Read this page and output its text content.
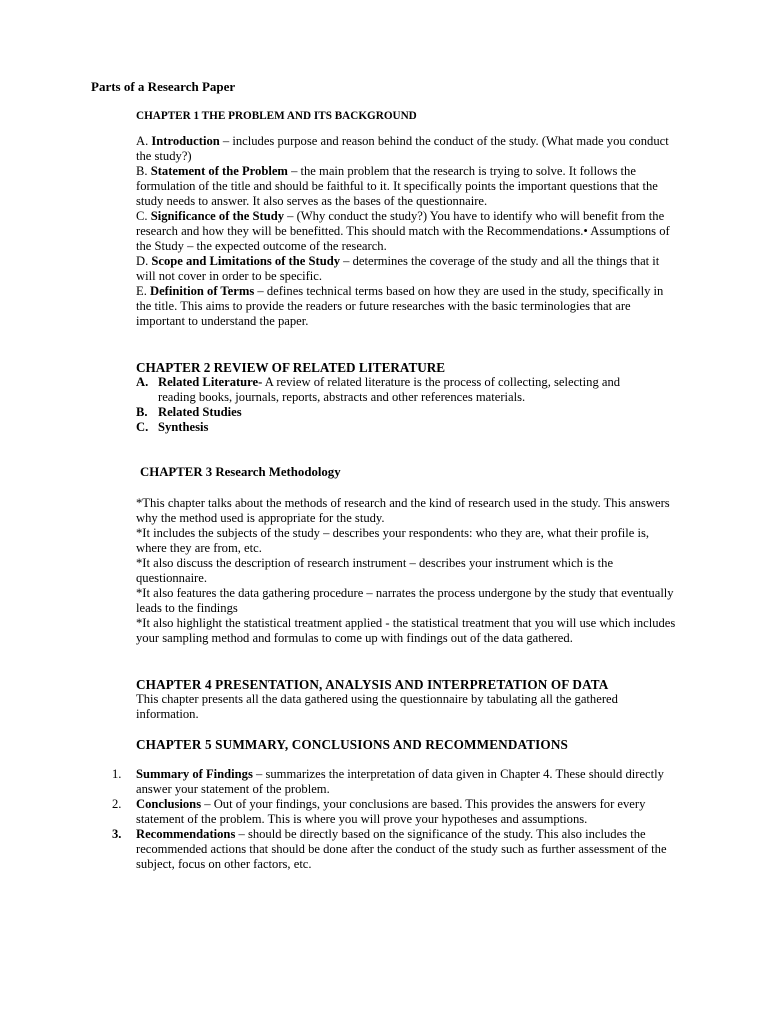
Parts of a Research Paper
CHAPTER 1 THE PROBLEM AND ITS BACKGROUND

A. Introduction – includes purpose and reason behind the conduct of the study. (What made you conduct the study?)

B. Statement of the Problem – the main problem that the research is trying to solve. It follows the formulation of the title and should be faithful to it. It specifically points the important questions that the study needs to answer. It also serves as the bases of the questionnaire.

C. Significance of the Study – (Why conduct the study?) You have to identify who will benefit from the research and how they will be benefitted. This should match with the Recommendations.• Assumptions of the Study – the expected outcome of the research.

D. Scope and Limitations of the Study – determines the coverage of the study and all the things that it will not cover in order to be specific.

E. Definition of Terms – defines technical terms based on how they are used in the study, specifically in the title. This aims to provide the readers or future researches with the basic terminologies that are important to understand the paper.

CHAPTER 2 REVIEW OF RELATED LITERATURE
A. Related Literature- A review of related literature is the process of collecting, selecting and reading books, journals, reports, abstracts and other references materials.
B. Related Studies
C. Synthesis
CHAPTER 3 Research Methodology

*This chapter talks about the methods of research and the kind of research used in the study. This answers why the method used is appropriate for the study.

*It includes the subjects of the study – describes your respondents: who they are, what their profile is, where they are from, etc.

*It also discuss the description of research instrument – describes your instrument which is the questionnaire.

*It also features the data gathering procedure – narrates the process undergone by the study that eventually leads to the findings

*It also highlight the statistical treatment applied - the statistical treatment that you will use which includes your sampling method and formulas to come up with findings out of the data gathered.

CHAPTER 4 PRESENTATION, ANALYSIS AND INTERPRETATION OF DATA

This chapter presents all the data gathered using the questionnaire by tabulating all the gathered information.

CHAPTER 5 SUMMARY, CONCLUSIONS AND RECOMMENDATIONS
1. Summary of Findings – summarizes the interpretation of data given in Chapter 4. These should directly answer your statement of the problem.
2. Conclusions – Out of your findings, your conclusions are based. This provides the answers for every statement of the problem. This is where you will prove your hypotheses and assumptions.
3. Recommendations – should be directly based on the significance of the study. This also includes the recommended actions that should be done after the conduct of the study such as further assessment of the subject, focus on other factors, etc.
